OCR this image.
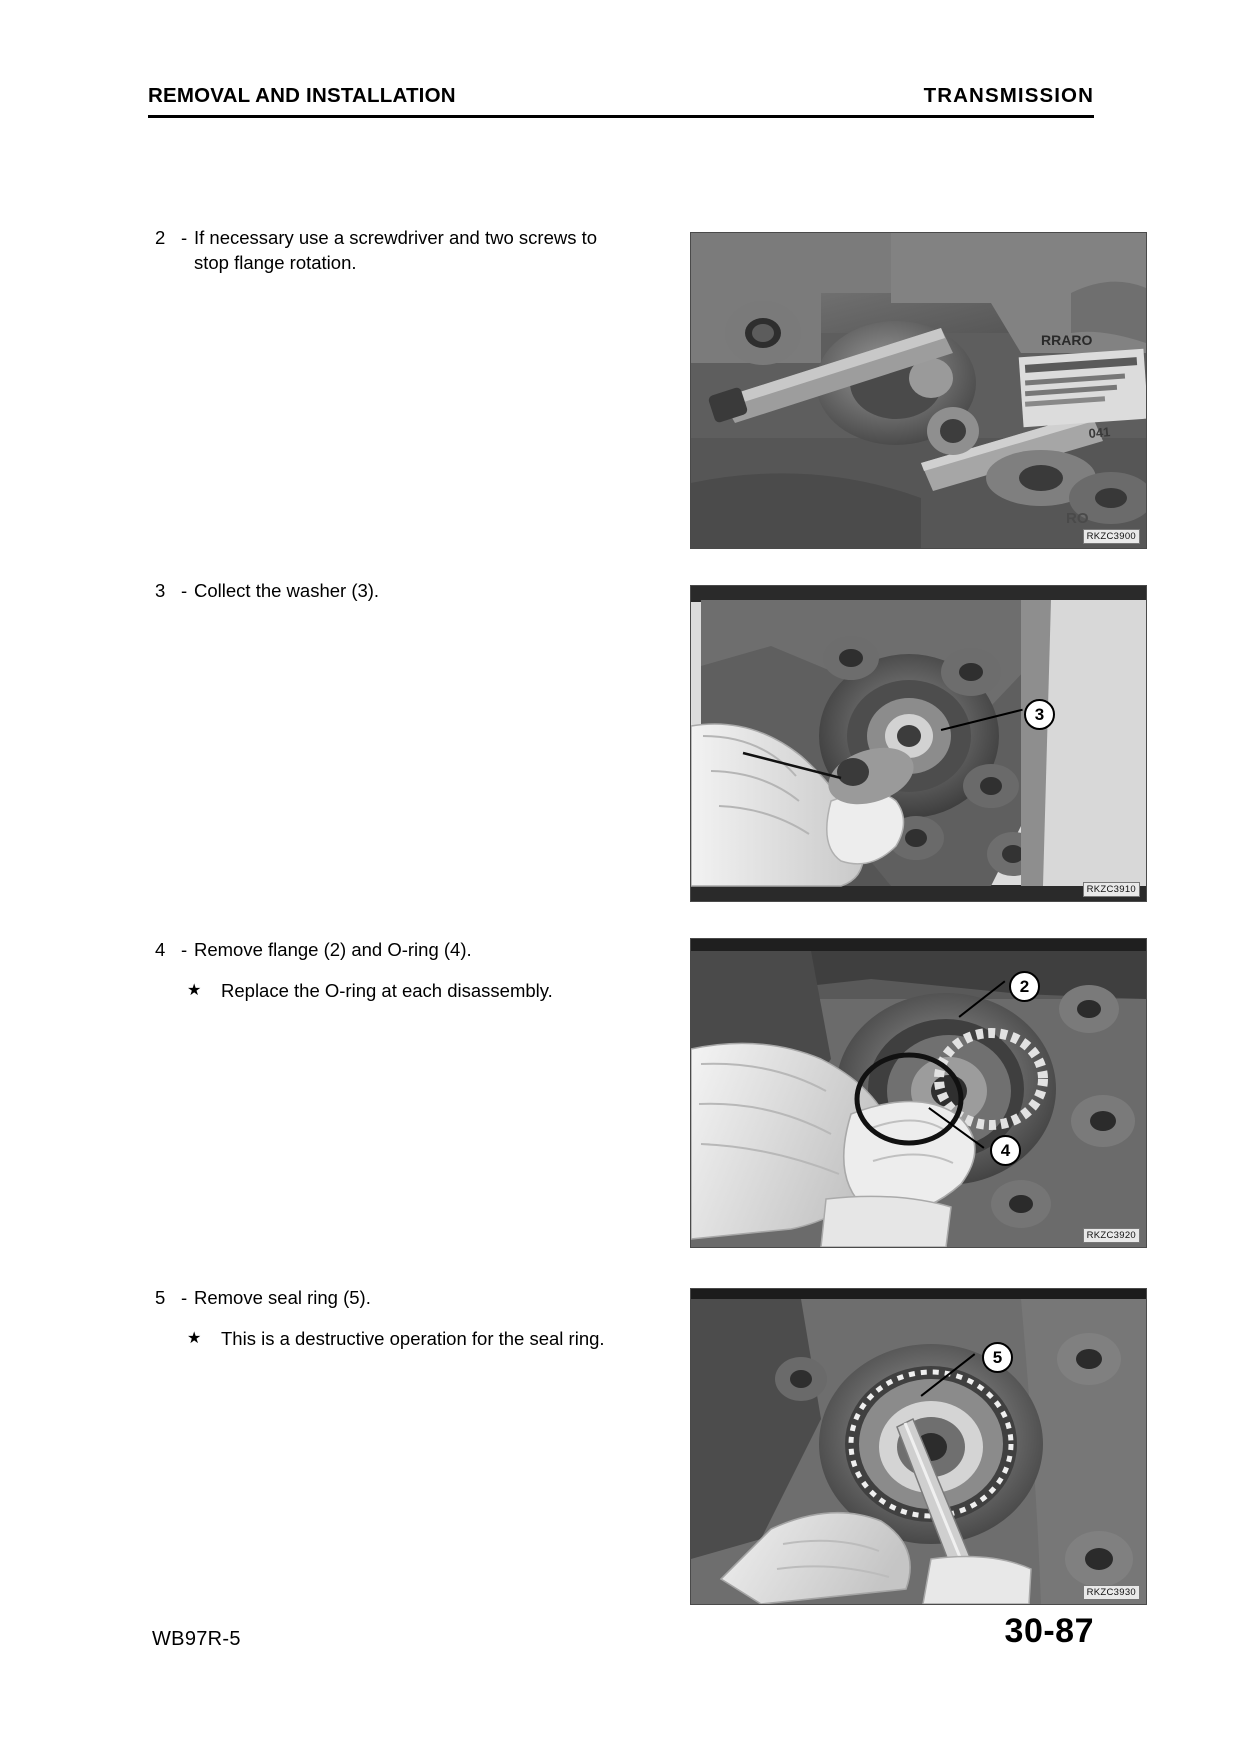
REMOVAL AND INSTALLATION	TRANSMISSION
2 - If necessary use a screwdriver and two screws to stop flange rotation.
3 - Collect the washer (3).
4 - Remove flange (2) and O-ring (4).
★	Replace the O-ring at each disassembly.
5 - Remove seal ring (5).
★	This is a destructive operation for the seal ring.
041
RRARO
RO
RKZC3900
3
RKZC3910
2
4
RKZC3920
5
RKZC3930
WB97R-5	30-87
